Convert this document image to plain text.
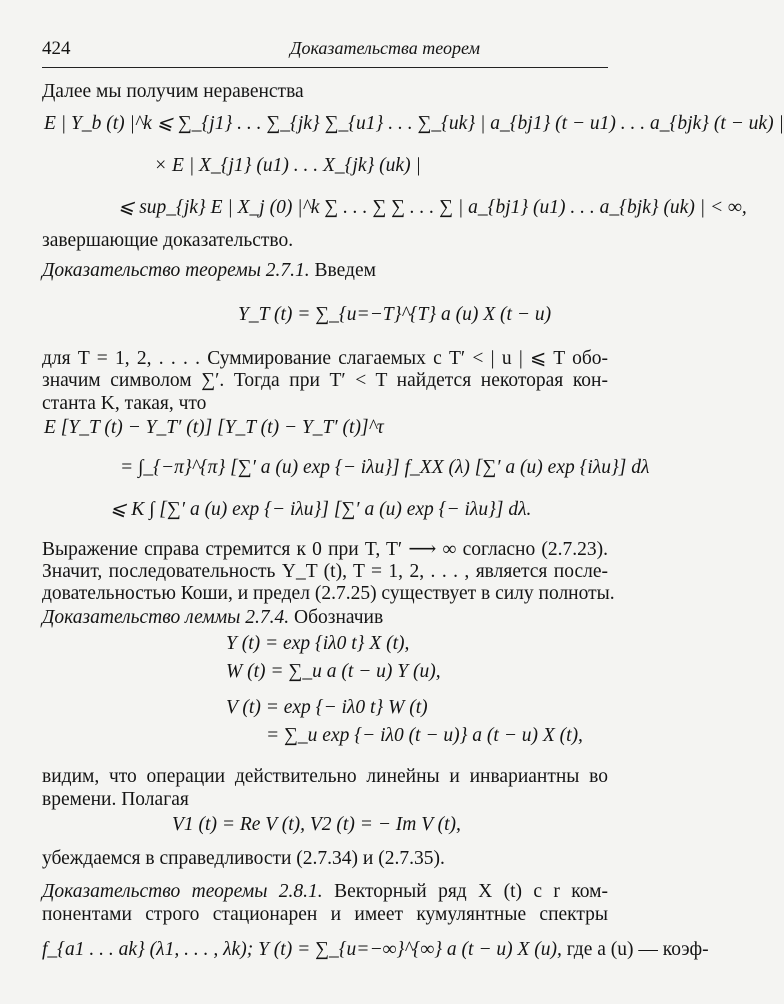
424	Доказательства теорем
Далее мы получим неравенства
E | Y_b (t) |^k ⩽ ∑_{j1} . . . ∑_{jk} ∑_{u1} . . . ∑_{uk} | a_{bj1} (t − u1) . . . a_{bjk} (t − uk) |
× E | X_{j1} (u1) . . . X_{jk} (uk) |
⩽ sup_{jk} E | X_j (0) |^k ∑ . . . ∑ ∑ . . . ∑ | a_{bj1} (u1) . . . a_{bjk} (uk) | < ∞,
завершающие доказательство.
Доказательство теоремы 2.7.1. Введем
Y_T (t) = ∑_{u=−T}^{T} a (u) X (t − u)
для T = 1, 2, . . . . Суммирование слагаемых с T′ < | u | ⩽ T обо-
значим символом ∑′. Тогда при T′ < T найдется некоторая кон-
станта K, такая, что
E [Y_T (t) − Y_T′ (t)] [Y_T (t) − Y_T′ (t)]^τ
= ∫_{−π}^{π} [∑′ a (u) exp {− iλu}] f_XX (λ) [∑′ a (u) exp {iλu}] dλ
⩽ K ∫ [∑′ a (u) exp {− iλu}] [∑′ a (u) exp {− iλu}] dλ.
Выражение справа стремится к 0 при T, T′ ⟶ ∞ согласно (2.7.23).
Значит, последовательность Y_T (t), T = 1, 2, . . . , является после-
довательностью Коши, и предел (2.7.25) существует в силу полноты.
Доказательство леммы 2.7.4. Обозначив
Y (t) = exp {iλ0 t} X (t),
W (t) = ∑_u a (t − u) Y (u),
V (t) = exp {− iλ0 t} W (t)
= ∑_u exp {− iλ0 (t − u)} a (t − u) X (t),
видим, что операции действительно линейны и инвариантны во
времени. Полагая
V1 (t) = Re V (t), V2 (t) = − Im V (t),
убеждаемся в справедливости (2.7.34) и (2.7.35).
Доказательство теоремы 2.8.1. Векторный ряд X (t) с r ком-
понентами строго стационарен и имеет кумулянтные спектры
f_{a1 . . . ak} (λ1, . . . , λk); Y (t) = ∑_{u=−∞}^{∞} a (t − u) X (u), где a (u) — коэф-
